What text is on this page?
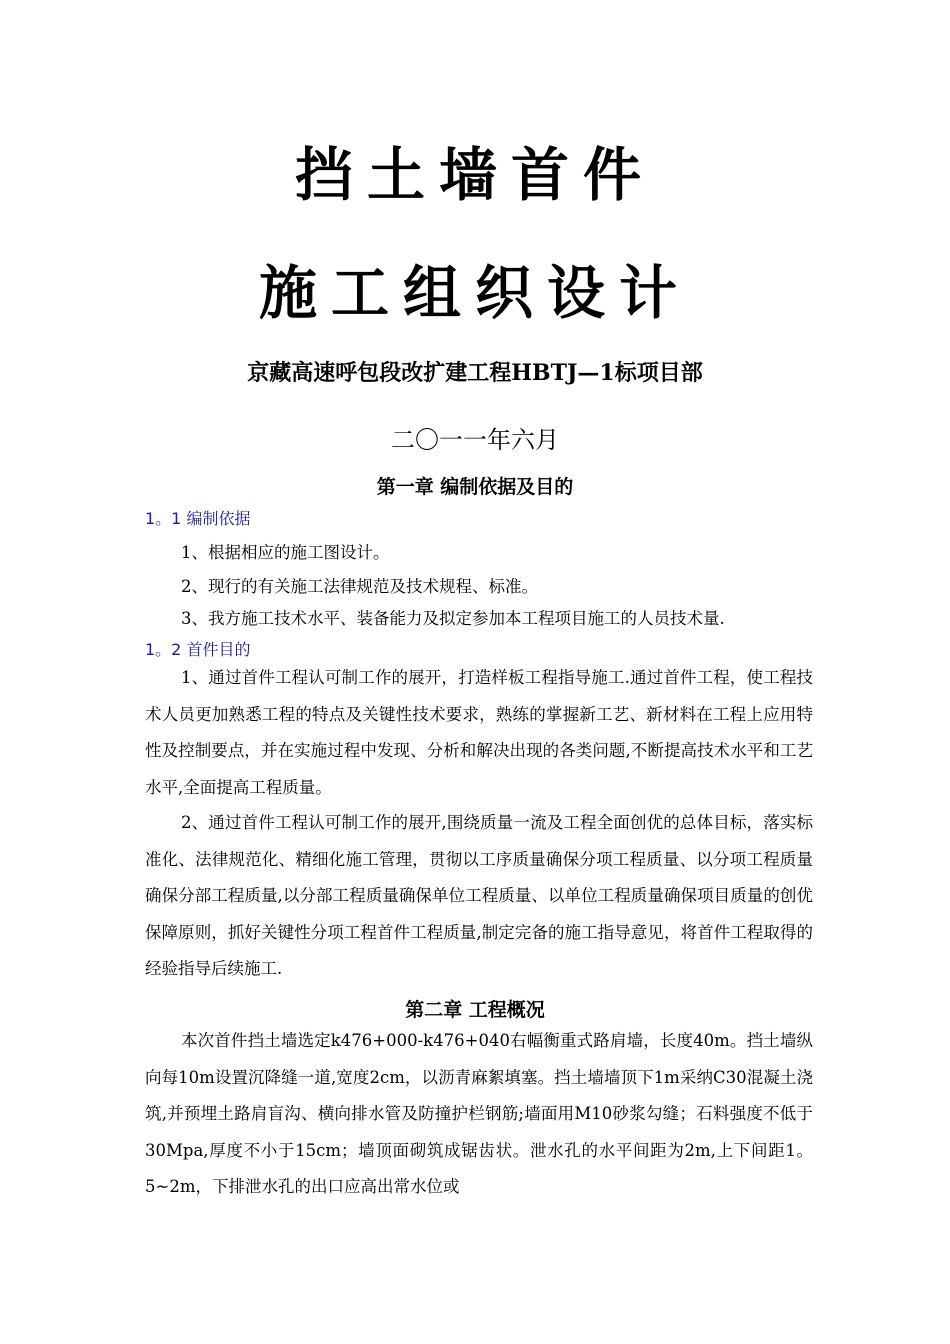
挡土墙首件
施工组织设计
京藏高速呼包段改扩建工程HBTJ—1标项目部
二〇一一年六月
第一章 编制依据及目的
1。1 编制依据
1、根据相应的施工图设计。
2、现行的有关施工法律规范及技术规程、标准。
3、我方施工技术水平、装备能力及拟定参加本工程项目施工的人员技术量.
1。2 首件目的

1、通过首件工程认可制工作的展开，打造样板工程指导施工.通过首件工程，使工程技术人员更加熟悉工程的特点及关键性技术要求，熟练的掌握新工艺、新材料在工程上应用特性及控制要点，并在实施过程中发现、分析和解决出现的各类问题,不断提高技术水平和工艺水平,全面提高工程质量。

2、通过首件工程认可制工作的展开,围绕质量一流及工程全面创优的总体目标，落实标准化、法律规范化、精细化施工管理，贯彻以工序质量确保分项工程质量、以分项工程质量确保分部工程质量,以分部工程质量确保单位工程质量、以单位工程质量确保项目质量的创优保障原则，抓好关键性分项工程首件工程质量,制定完备的施工指导意见，将首件工程取得的经验指导后续施工.

第二章 工程概况

本次首件挡土墙选定k476+000-k476+040右幅衡重式路肩墙，长度40m。挡土墙纵向每10m设置沉降缝一道,宽度2cm，以沥青麻絮填塞。挡土墙墙顶下1m采纳C30混凝土浇筑,并预埋土路肩盲沟、横向排水管及防撞护栏钢筋;墙面用M10砂浆勾缝；石料强度不低于30Mpa,厚度不小于15cm；墙顶面砌筑成锯齿状。泄水孔的水平间距为2m,上下间距1。5~2m，下排泄水孔的出口应高出常水位或
